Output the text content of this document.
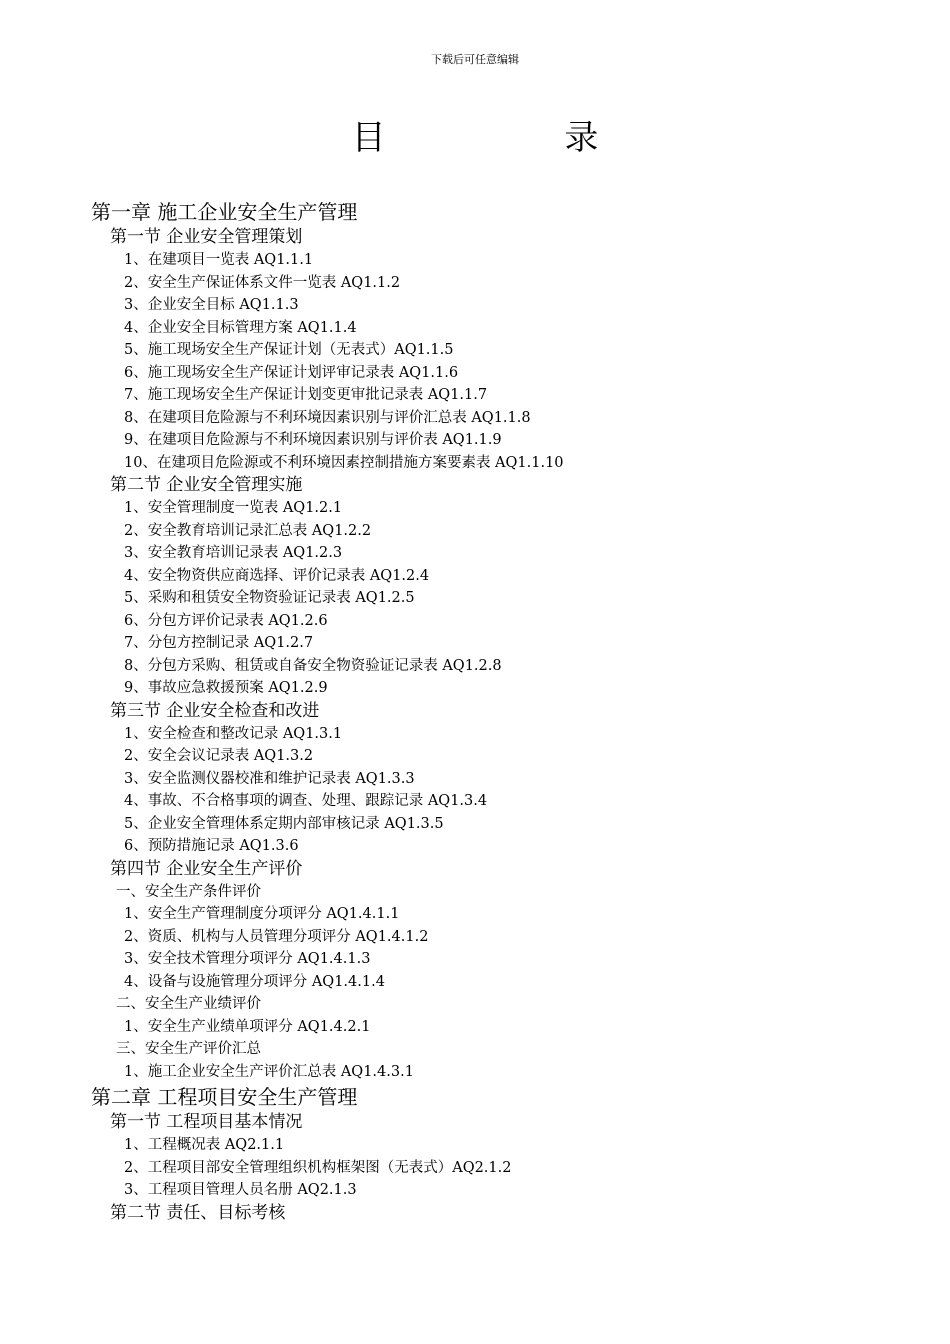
下载后可任意编辑
目 录
第一章 施工企业安全生产管理
第一节 企业安全管理策划
1、在建项目一览表 AQ1.1.1
2、安全生产保证体系文件一览表 AQ1.1.2
3、企业安全目标 AQ1.1.3
4、企业安全目标管理方案 AQ1.1.4
5、施工现场安全生产保证计划（无表式）AQ1.1.5
6、施工现场安全生产保证计划评审记录表 AQ1.1.6
7、施工现场安全生产保证计划变更审批记录表 AQ1.1.7
8、在建项目危险源与不利环境因素识别与评价汇总表 AQ1.1.8
9、在建项目危险源与不利环境因素识别与评价表 AQ1.1.9
10、在建项目危险源或不利环境因素控制措施方案要素表 AQ1.1.10
第二节 企业安全管理实施
1、安全管理制度一览表 AQ1.2.1
2、安全教育培训记录汇总表 AQ1.2.2
3、安全教育培训记录表 AQ1.2.3
4、安全物资供应商选择、评价记录表 AQ1.2.4
5、采购和租赁安全物资验证记录表 AQ1.2.5
6、分包方评价记录表 AQ1.2.6
7、分包方控制记录 AQ1.2.7
8、分包方采购、租赁或自备安全物资验证记录表 AQ1.2.8
9、事故应急救援预案 AQ1.2.9
第三节 企业安全检查和改进
1、安全检查和整改记录 AQ1.3.1
2、安全会议记录表 AQ1.3.2
3、安全监测仪器校准和维护记录表 AQ1.3.3
4、事故、不合格事项的调查、处理、跟踪记录 AQ1.3.4
5、企业安全管理体系定期内部审核记录 AQ1.3.5
6、预防措施记录 AQ1.3.6
第四节 企业安全生产评价
一、安全生产条件评价
1、安全生产管理制度分项评分 AQ1.4.1.1
2、资质、机构与人员管理分项评分 AQ1.4.1.2
3、安全技术管理分项评分 AQ1.4.1.3
4、设备与设施管理分项评分 AQ1.4.1.4
二、安全生产业绩评价
1、安全生产业绩单项评分 AQ1.4.2.1
三、安全生产评价汇总
1、施工企业安全生产评价汇总表 AQ1.4.3.1
第二章 工程项目安全生产管理
第一节 工程项目基本情况
1、工程概况表 AQ2.1.1
2、工程项目部安全管理组织机构框架图（无表式）AQ2.1.2
3、工程项目管理人员名册 AQ2.1.3
第二节 责任、目标考核
